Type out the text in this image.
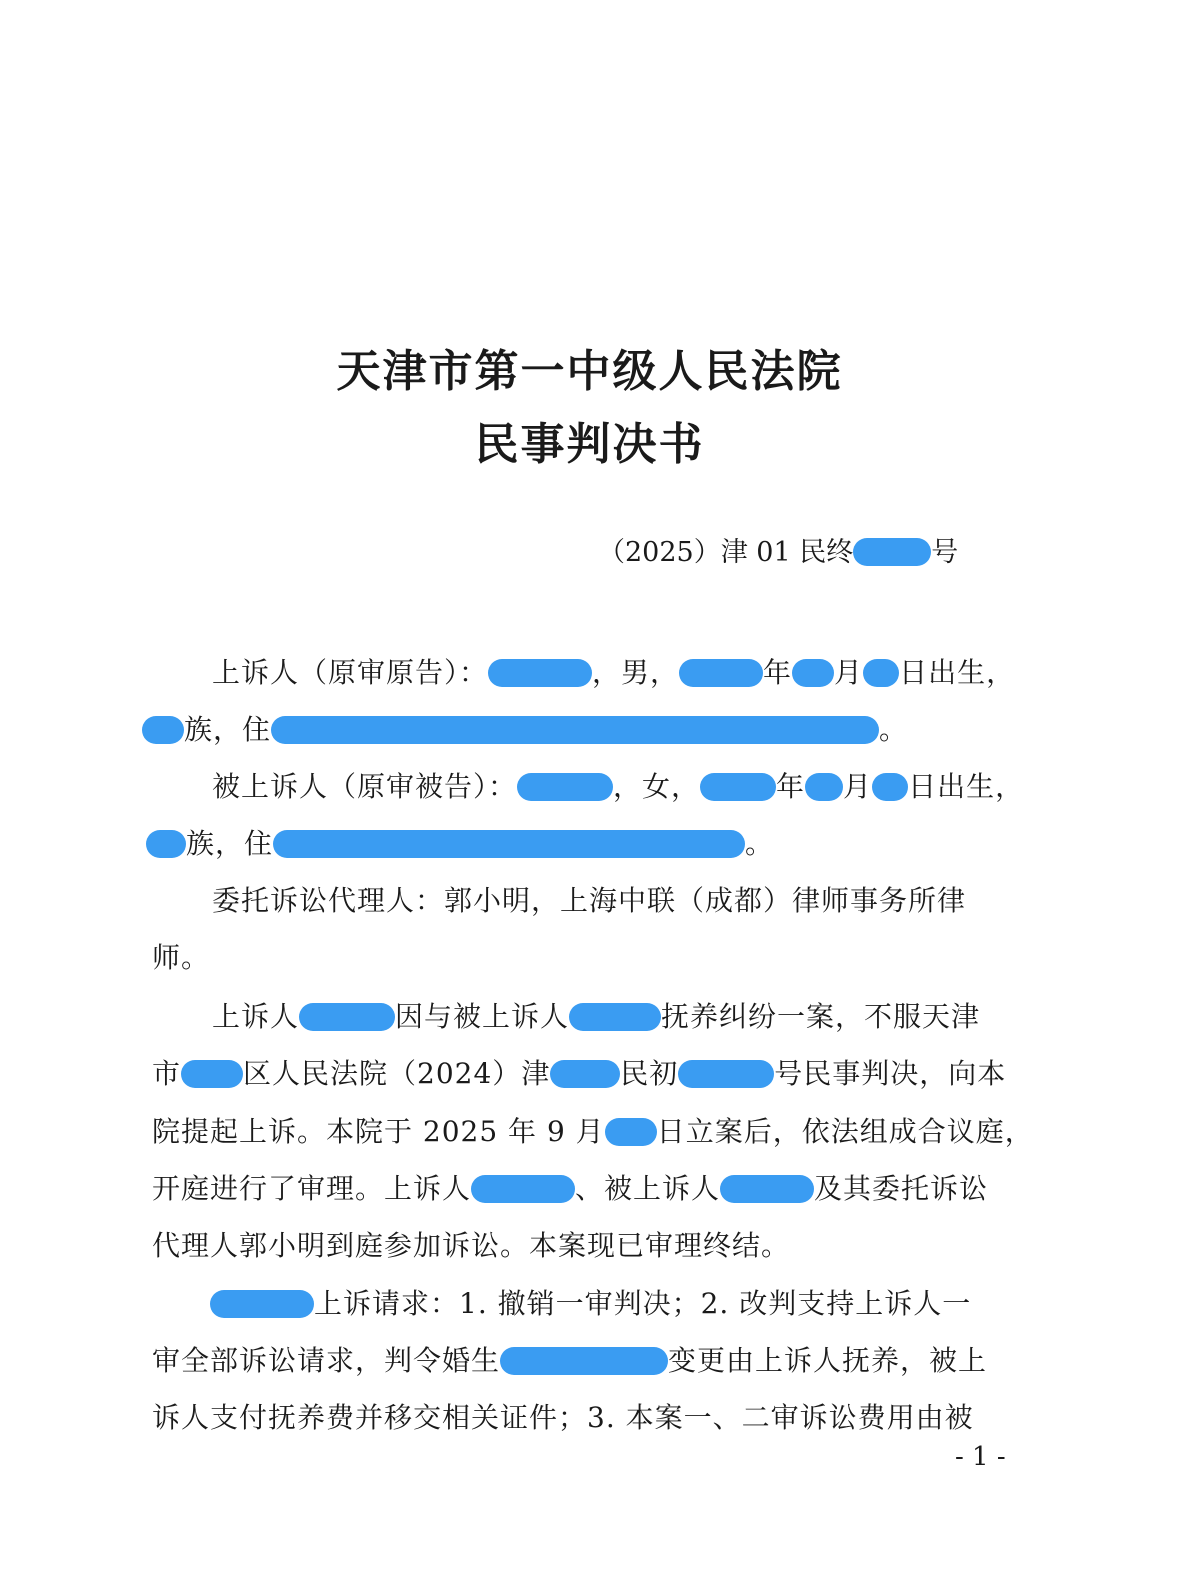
天津市第一中级人民法院
民事判决书
（2025）津 01 民终	号
上诉人（原审原告）：	，男，	年 月 日出生，
族，住	。
被上诉人（原审被告）：	，女，	年 月 日出生，
族，住	。
委托诉讼代理人：郭小明，上海中联（成都）律师事务所律
师。
上诉人	因与被上诉人	抚养纠纷一案，不服天津
市 区人民法院（2024）津	民初	号民事判决，向本
院提起上诉。本院于 2025 年 9 月 日立案后，依法组成合议庭，
开庭进行了审理。上诉人	、被上诉人	及其委托诉讼
代理人郭小明到庭参加诉讼。本案现已审理终结。
上诉请求：1. 撤销一审判决；2. 改判支持上诉人一
审全部诉讼请求，判令婚生	变更由上诉人抚养，被上
诉人支付抚养费并移交相关证件；3. 本案一、二审诉讼费用由被
- 1 -
